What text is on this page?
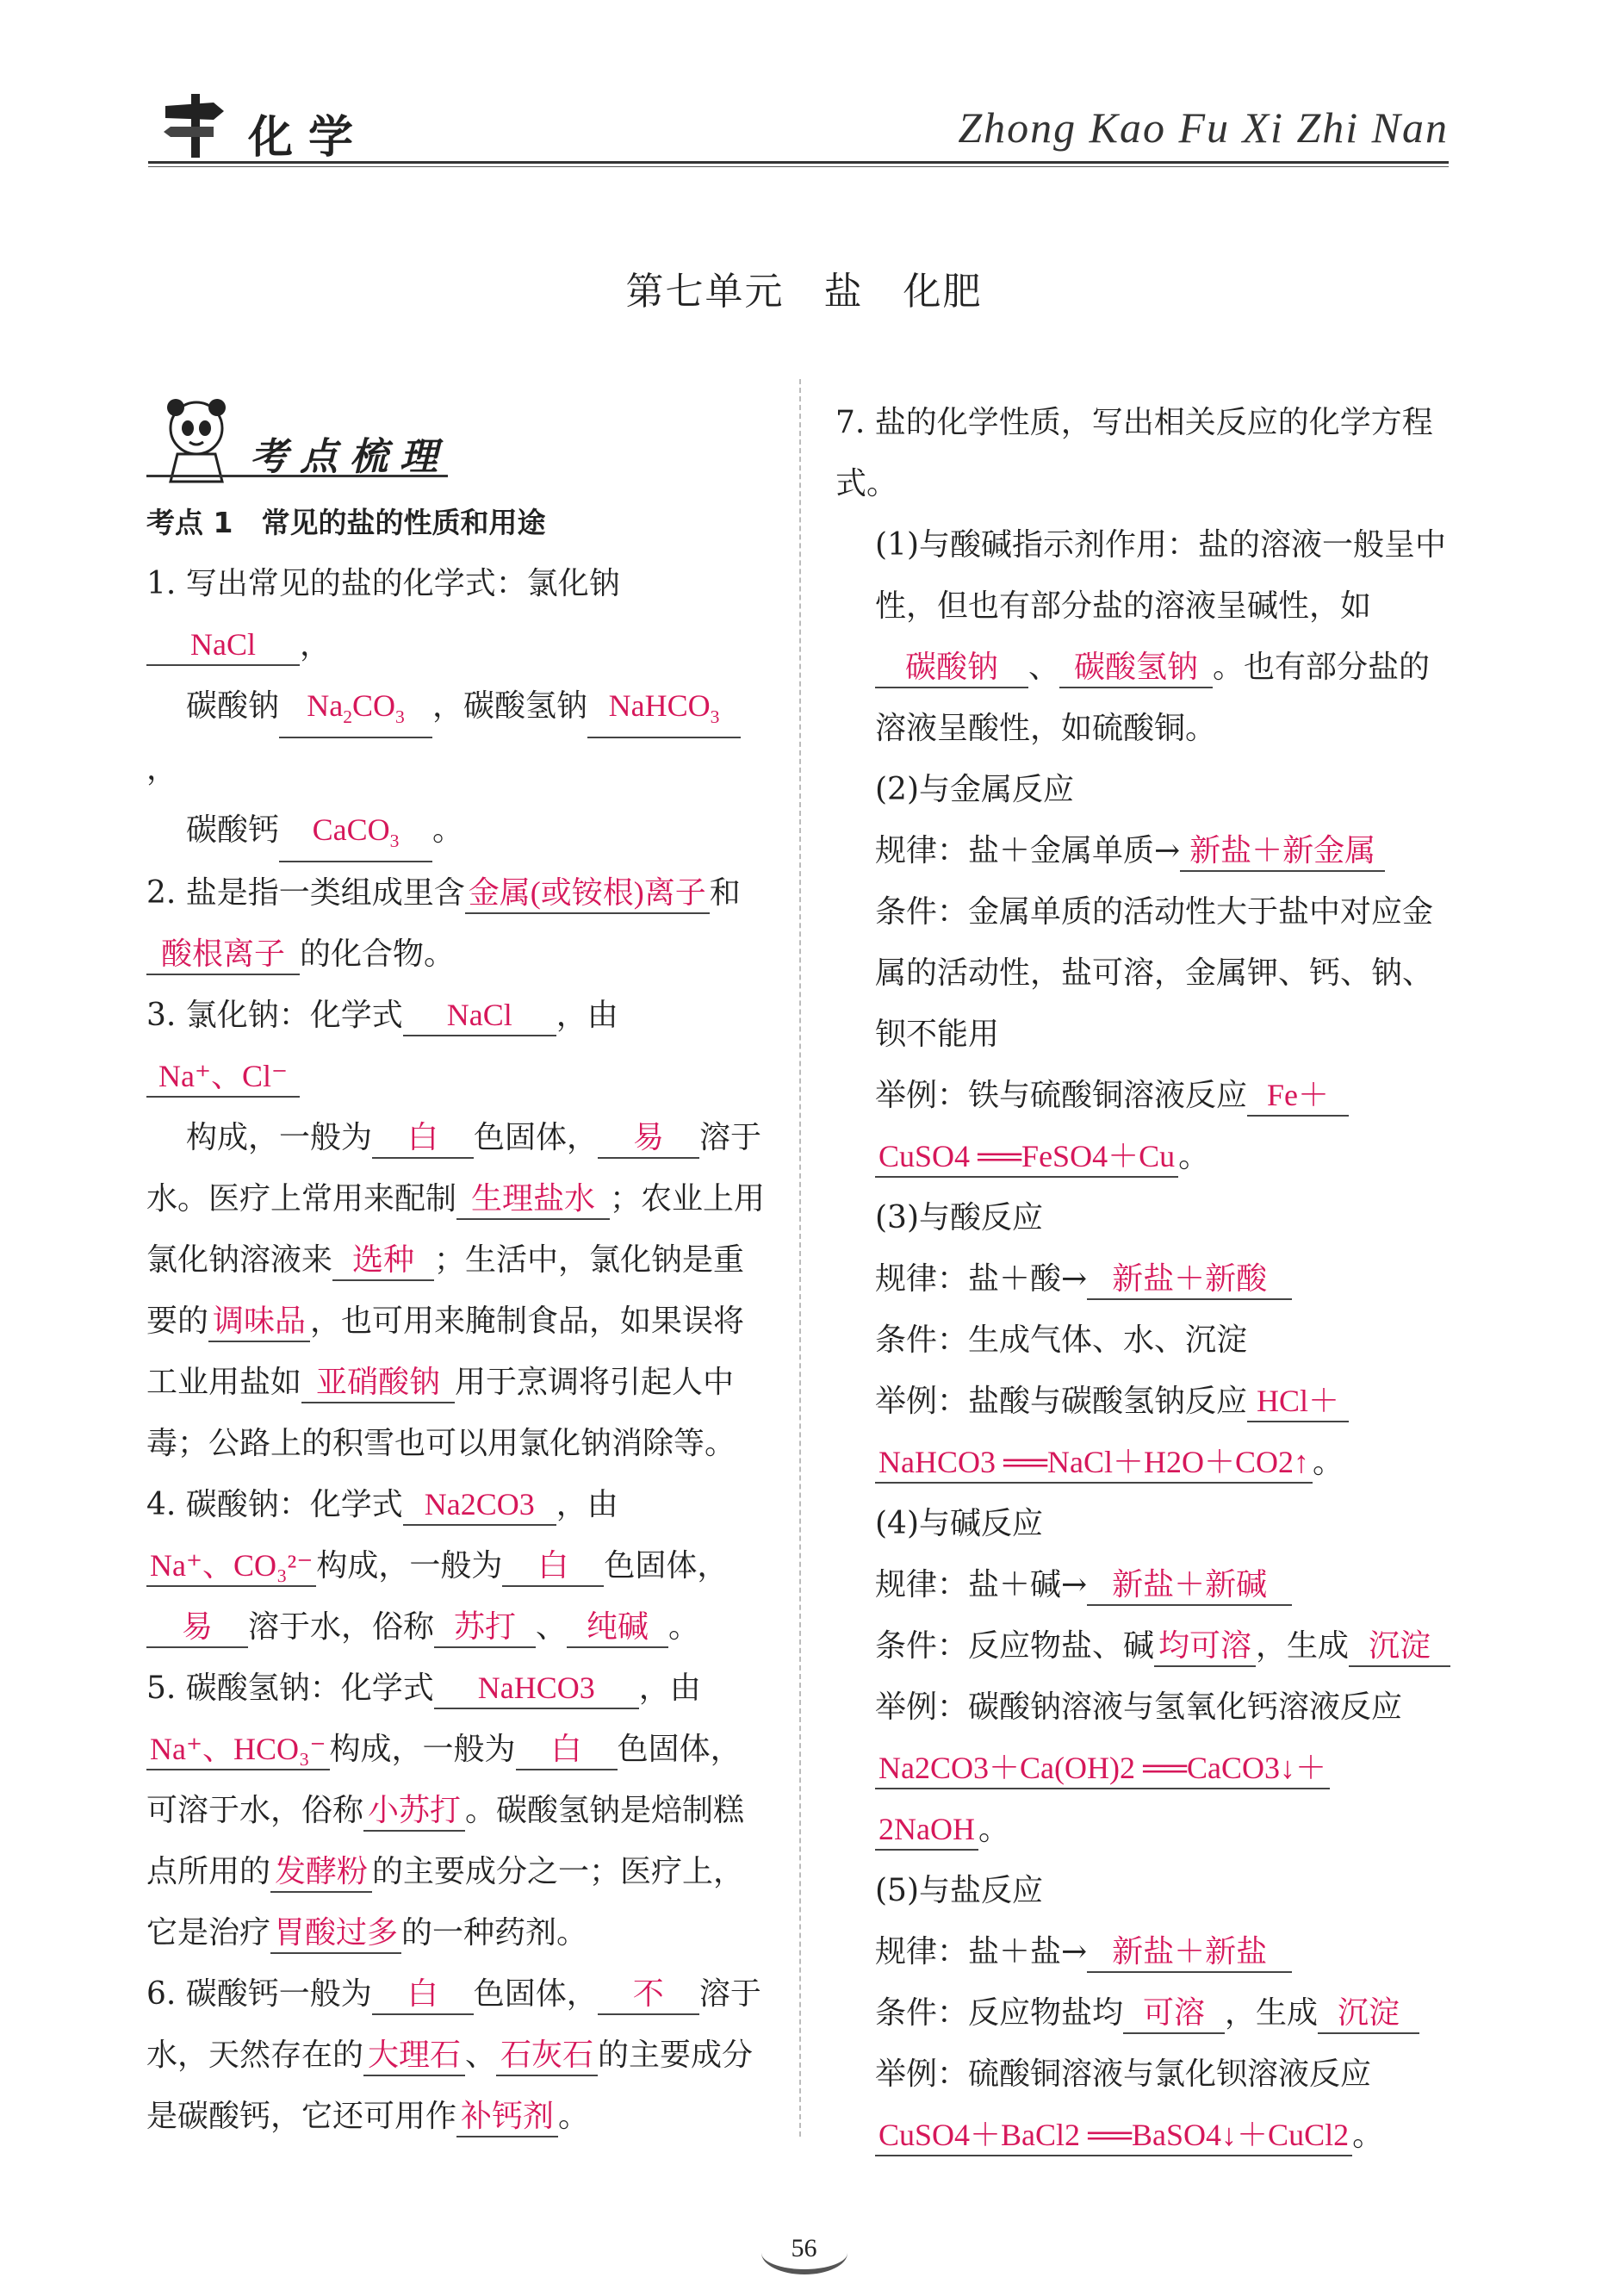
化学	Zhong Kao Fu Xi Zhi Nan
第七单元　盐　化肥
考点梳理

考点 1　常见的盐的性质和用途

1. 写出常见的盐的化学式：氯化钠NaCl ，
碳酸钠 $Na_2CO_3$ ，碳酸氢钠 NaHCO$_3$，
碳酸钙 CaCO$_3$ 。

2. 盐是指一类组成里含 金属(或铵根)离子 和酸根离子 的化合物。

3. 氯化钠：化学式 NaCl ，由Na⁺、Cl⁻
构成，一般为 白 色固体， 易 溶于水。医疗上常用来配制 生理盐水 ；农业上用氯化钠溶液来 选种 ；生活中，氯化钠是重要的 调味品 ，也可用来腌制食品，如果误将工业用盐如 亚硝酸钠 用于烹调将引起人中毒；公路上的积雪也可以用氯化钠消除等。

4. 碳酸钠：化学式 Na2CO3 ，由Na⁺、CO₃²⁻ 构成，一般为 白 色固体，易 溶于水，俗称 苏打 、 纯碱 。

5. 碳酸氢钠：化学式 NaHCO3 ，由Na⁺、HCO₃⁻ 构成，一般为 白 色固体，可溶于水，俗称 小苏打 。碳酸氢钠是焙制糕点所用的 发酵粉 的主要成分之一；医疗上，它是治疗 胃酸过多 的一种药剂。

6. 碳酸钙一般为 白 色固体， 不 溶于水，天然存在的 大理石 、 石灰石 的主要成分是碳酸钙，它还可用作 补钙剂 。

7. 盐的化学性质，写出相关反应的化学方程式。

(1)与酸碱指示剂作用：盐的溶液一般呈中性，但也有部分盐的溶液呈碱性，如碳酸钠 、 碳酸氢钠 。也有部分盐的溶液呈酸性，如硫酸铜。

(2)与金属反应

规律：盐＋金属单质→ 新盐＋新金属

条件：金属单质的活动性大于盐中对应金属的活动性，盐可溶，金属钾、钙、钠、钡不能用

举例：铁与硫酸铜溶液反应 Fe＋
CuSO4 ══FeSO4＋Cu 。

(3)与酸反应

规律：盐＋酸→ 新盐＋新酸

条件：生成气体、水、沉淀

举例：盐酸与碳酸氢钠反应 HCl＋
NaHCO3 ══NaCl＋H2O＋CO2↑ 。

(4)与碱反应

规律：盐＋碱→ 新盐＋新碱

条件：反应物盐、碱 均可溶 ，生成 沉淀

举例：碳酸钠溶液与氢氧化钙溶液反应
Na2CO3＋Ca(OH)2 ══CaCO3↓＋
2NaOH 。

(5)与盐反应

规律：盐＋盐→ 新盐＋新盐

条件：反应物盐均 可溶 ，生成 沉淀

举例：硫酸铜溶液与氯化钡溶液反应
CuSO4＋BaCl2 ══BaSO4↓＋CuCl2 。

56
